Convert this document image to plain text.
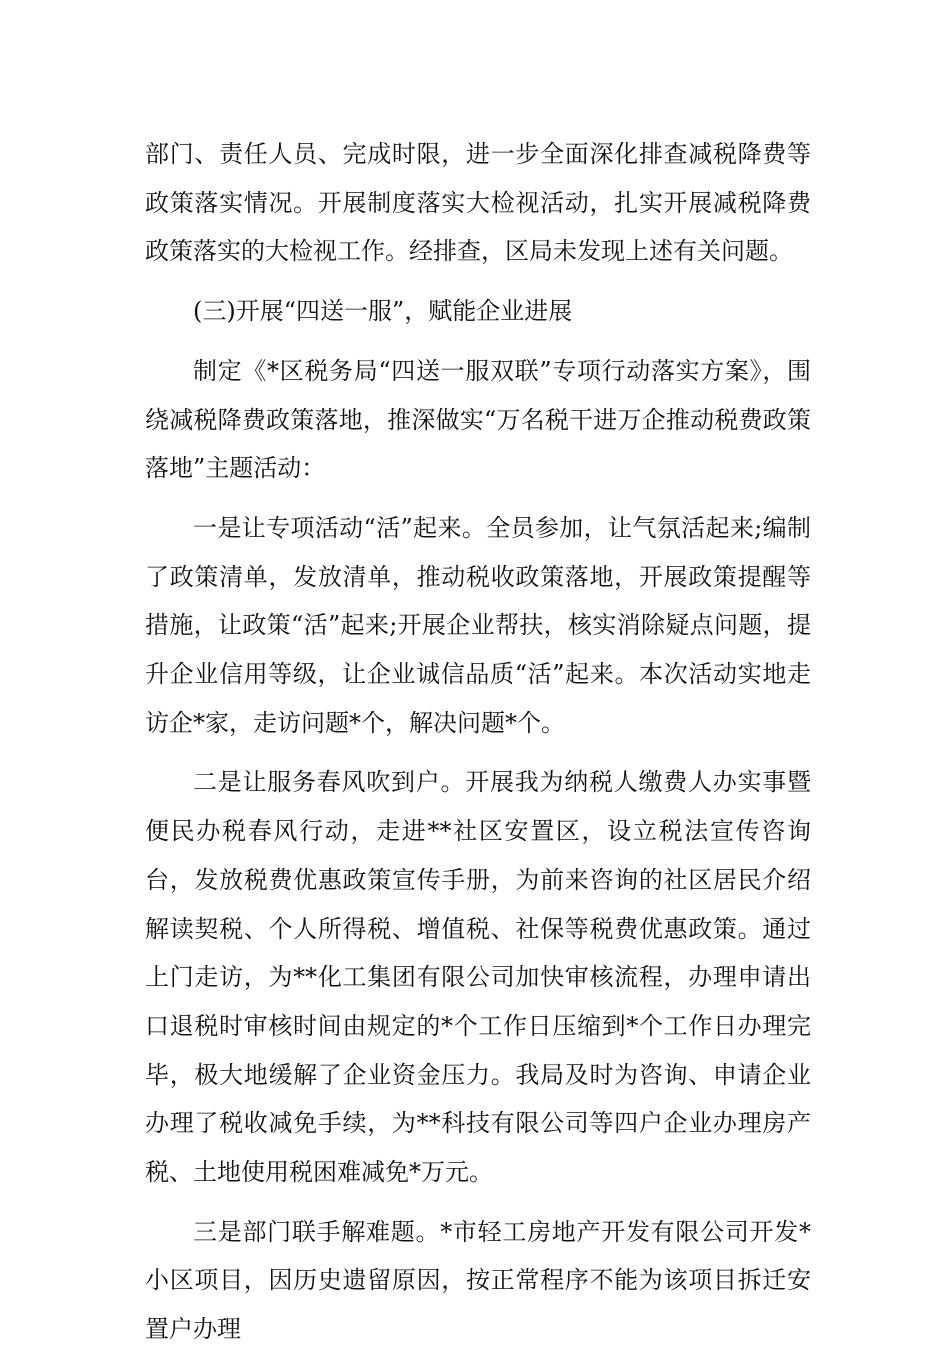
部门、责任人员、完成时限，进一步全面深化排查减税降费等政策落实情况。开展制度落实大检视活动，扎实开展减税降费政策落实的大检视工作。经排查，区局未发现上述有关问题。

(三)开展“四送一服”，赋能企业进展

制定《*区税务局“四送一服双联”专项行动落实方案》，围绕减税降费政策落地，推深做实“万名税干进万企推动税费政策落地”主题活动：

一是让专项活动“活”起来。全员参加，让气氛活起来;编制了政策清单，发放清单，推动税收政策落地，开展政策提醒等措施，让政策“活”起来;开展企业帮扶，核实消除疑点问题，提升企业信用等级，让企业诚信品质“活”起来。本次活动实地走访企*家，走访问题*个，解决问题*个。

二是让服务春风吹到户。开展我为纳税人缴费人办实事暨便民办税春风行动，走进**社区安置区，设立税法宣传咨询台，发放税费优惠政策宣传手册，为前来咨询的社区居民介绍解读契税、个人所得税、增值税、社保等税费优惠政策。通过上门走访，为**化工集团有限公司加快审核流程，办理申请出口退税时审核时间由规定的*个工作日压缩到*个工作日办理完毕，极大地缓解了企业资金压力。我局及时为咨询、申请企业办理了税收减免手续，为**科技有限公司等四户企业办理房产税、土地使用税困难减免*万元。

三是部门联手解难题。*市轻工房地产开发有限公司开发*小区项目，因历史遗留原因，按正常程序不能为该项目拆迁安置户办理
